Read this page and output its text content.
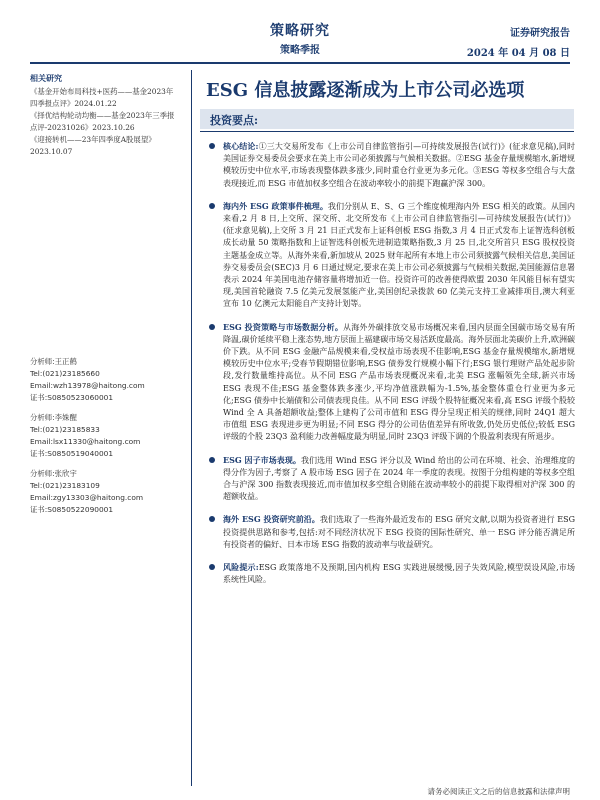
策略研究
策略季报
证券研究报告
2024 年 04 月 08 日
相关研究
《基金开始布局科技+医药——基金2023年四季报点评》2024.01.22
《择优结构轮动均衡——基金2023年三季报点评-20231026》2023.10.26
《迎接转机——23年四季度A股展望》2023.10.07
分析师:王正鹤
Tel:(021)23185660
Email:wzh13978@haitong.com
证书:S0850523060001
分析师:李姝醒
Tel:(021)23185833
Email:lsx11330@haitong.com
证书:S0850519040001
分析师:张欣宇
Tel:(021)23183109
Email:zgy13303@haitong.com
证书:S0850522090001
ESG 信息披露逐渐成为上市公司必选项
投资要点:
核心结论:①三大交易所发布《上市公司自律监管指引—可持续发展报告(试行)》(征求意见稿),同时美国证券交易委员会要求在美上市公司必须披露与气候相关数据。②ESG 基金存量规模缩水,新增规模较历史中位水平,市场表现整体跌多涨少,同时重仓行业更为多元化。③ESG 等权多空组合与大盘表现接近,而 ESG 市值加权多空组合在波动率较小的前提下跑赢沪深 300。
海内外 ESG 政策事件梳理。我们分别从 E、S、G 三个维度梳理海内外 ESG 相关的政策。从国内来看,2 月 8 日,上交所、深交所、北交所发布《上市公司自律监管指引—可持续发展报告(试行)》(征求意见稿),上交所 3 月 21 日正式发布上证科创板 ESG 指数,3 月 4 日正式发布上证智选科创板成长动量 50 策略指数和上证智选科创板先进制造策略指数,3 月 25 日,北交所首只 ESG 股权投资主题基金成立等。从海外来看,新加坡从 2025 财年起所有本地上市公司须披露气候相关信息,美国证券交易委员会(SEC)3 月 6 日通过规定,要求在美上市公司必须披露与气候相关数据,美国能源信息署表示 2024 年美国电池存储容量将增加近一倍。投资许可的改善使得欧盟 2030 年风能目标有望实现,美国首轮融资 7.5 亿美元发展氢能产业,美国创纪录拨款 60 亿美元支持工业减排项目,澳大利亚宣布 10 亿澳元太阳能自产支持计划等。
ESG 投资策略与市场数据分析。从海外外碳排放交易市场概况来看,国内层面全国碳市场交易有所降温,碳价延续平稳上涨态势,地方层面上福建碳市场交易活跃度最高。海外层面北美碳价上升,欧洲碳价下跌。从不同 ESG 金融产品规模来看,受权益市场表现不佳影响,ESG 基金存量规模缩水,新增规模较历史中位水平;受春节假期错位影响,ESG 债券发行规模小幅下行;ESG 银行理财产品处起步阶段,发行数量维持高位。从不同 ESG 产品市场表现概况来看,北美 ESG 涨幅领先全球,新兴市场 ESG 表现不佳;ESG 基金整体跌多涨少,平均净值涨跌幅为-1.5%,基金整体重仓行业更为多元化;ESG 债券中长端债和公司债表现良佳。从不同 ESG 评级个股特征概况来看,高 ESG 评级个股较 Wind 全 A 具备超额收益;整体上建构了公司市值和 ESG 得分呈现正相关的规律,同时 24Q1 超大市值组 ESG 表现进步更为明显;不同 ESG 得分的公司估值差异有所收敛,仍处历史低位;较低 ESG 评级的个股 23Q3 盈利能力改善幅度最为明显,同时 23Q3 评级下调的个股盈利表现有所退步。
ESG 因子市场表现。我们选用 Wind ESG 评分以及 Wind 给出的公司在环境、社会、治理维度的得分作为因子,考察了 A 股市场 ESG 因子在 2024 年一季度的表现。按图于分组构建的等权多空组合与沪深 300 指数表现接近,而市值加权多空组合则能在波动率较小的前提下取得相对沪深 300 的超额收益。
海外 ESG 投资研究前沿。我们选取了一些海外最近发布的 ESG 研究文献,以期为投资者进行 ESG 投资提供思路和参考,包括:对不同经济状况下 ESG 投资的国际性研究、单一 ESG 评分能否满足所有投资者的偏好、日本市场 ESG 指数的波动率与收益研究。
风险提示:ESG 政策落地不及预期,国内机构 ESG 实践进展缓慢,因子失效风险,模型误设风险,市场系统性风险。
请务必阅读正文之后的信息披露和法律声明
